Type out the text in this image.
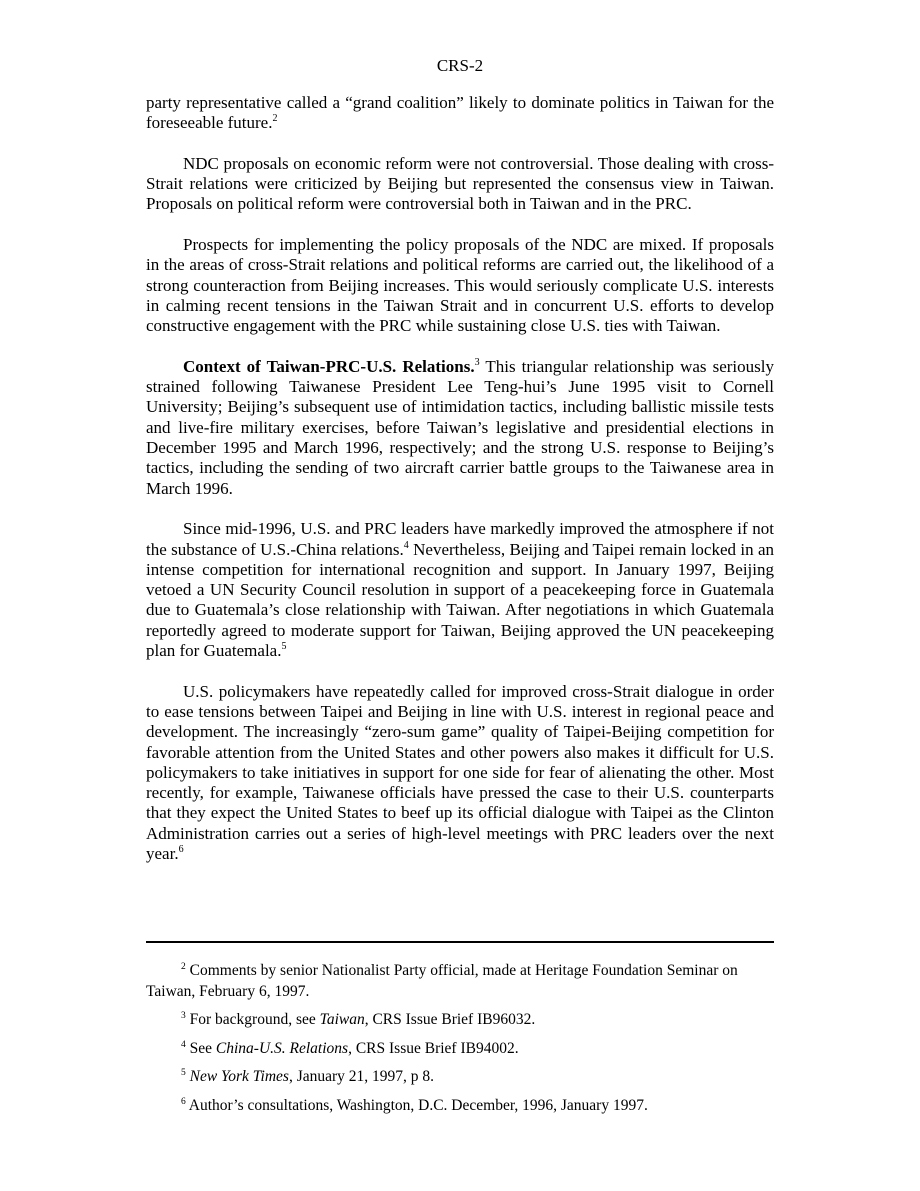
CRS-2

party representative called a “grand coalition” likely to dominate politics in Taiwan for the foreseeable future.$^2$

NDC proposals on economic reform were not controversial. Those dealing with cross-Strait relations were criticized by Beijing but represented the consensus view in Taiwan. Proposals on political reform were controversial both in Taiwan and in the PRC.

Prospects for implementing the policy proposals of the NDC are mixed. If proposals in the areas of cross-Strait relations and political reforms are carried out, the likelihood of a strong counteraction from Beijing increases. This would seriously complicate U.S. interests in calming recent tensions in the Taiwan Strait and in concurrent U.S. efforts to develop constructive engagement with the PRC while sustaining close U.S. ties with Taiwan.

Context of Taiwan-PRC-U.S. Relations.$^3$ This triangular relationship was seriously strained following Taiwanese President Lee Teng-hui’s June 1995 visit to Cornell University; Beijing’s subsequent use of intimidation tactics, including ballistic missile tests and live-fire military exercises, before Taiwan’s legislative and presidential elections in December 1995 and March 1996, respectively; and the strong U.S. response to Beijing’s tactics, including the sending of two aircraft carrier battle groups to the Taiwanese area in March 1996.

Since mid-1996, U.S. and PRC leaders have markedly improved the atmosphere if not the substance of U.S.-China relations.$^4$ Nevertheless, Beijing and Taipei remain locked in an intense competition for international recognition and support. In January 1997, Beijing vetoed a UN Security Council resolution in support of a peacekeeping force in Guatemala due to Guatemala’s close relationship with Taiwan. After negotiations in which Guatemala reportedly agreed to moderate support for Taiwan, Beijing approved the UN peacekeeping plan for Guatemala.$^5$

U.S. policymakers have repeatedly called for improved cross-Strait dialogue in order to ease tensions between Taipei and Beijing in line with U.S. interest in regional peace and development. The increasingly “zero-sum game” quality of Taipei-Beijing competition for favorable attention from the United States and other powers also makes it difficult for U.S. policymakers to take initiatives in support for one side for fear of alienating the other. Most recently, for example, Taiwanese officials have pressed the case to their U.S. counterparts that they expect the United States to beef up its official dialogue with Taipei as the Clinton Administration carries out a series of high-level meetings with PRC leaders over the next year.$^6$

$^2$ Comments by senior Nationalist Party official, made at Heritage Foundation Seminar on Taiwan, February 6, 1997.

$^3$ For background, see Taiwan, CRS Issue Brief IB96032.

$^4$ See China-U.S. Relations, CRS Issue Brief IB94002.

$^5$ New York Times, January 21, 1997, p 8.

$^6$ Author’s consultations, Washington, D.C. December, 1996, January 1997.
